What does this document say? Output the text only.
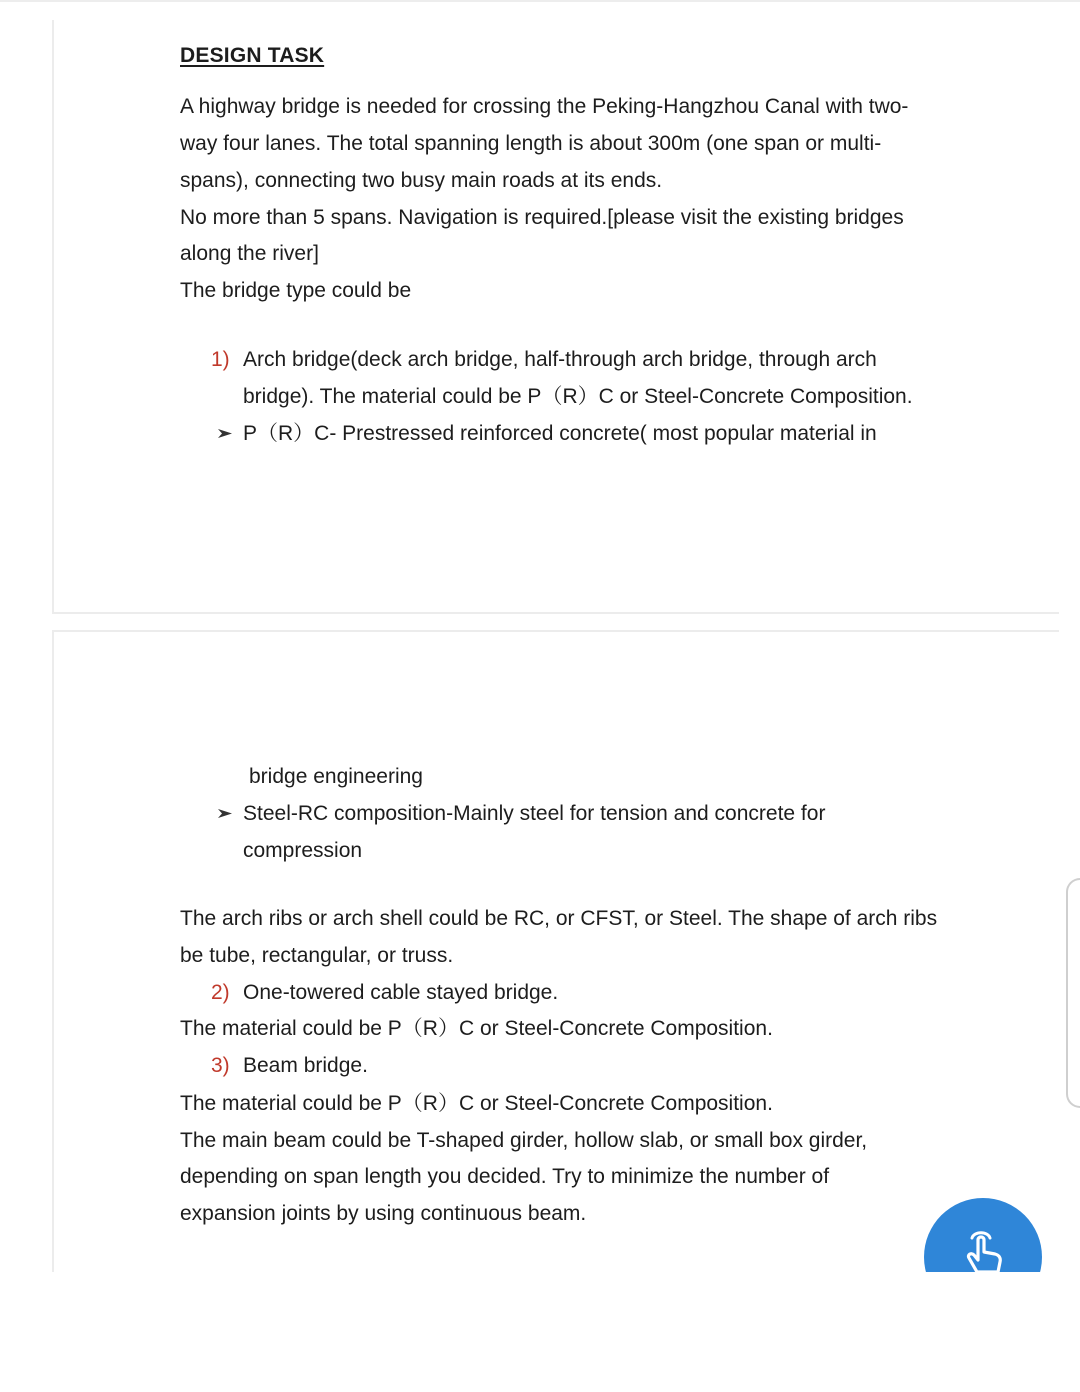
DESIGN TASK

A highway bridge is needed for crossing the Peking-Hangzhou Canal with two-

way four lanes. The total spanning length is about 300m (one span or multi-

spans), connecting two busy main roads at its ends.

No more than 5 spans. Navigation is required.[please visit the existing bridges

along the river]

The bridge type could be

1) Arch bridge(deck arch bridge, half-through arch bridge, through arch

bridge). The material could be P（R）C or Steel-Concrete Composition.

P（R）C- Prestressed reinforced concrete( most popular material in

bridge engineering

Steel-RC composition-Mainly steel for tension and concrete for

compression

The arch ribs or arch shell could be RC, or CFST, or Steel. The shape of arch ribs

be tube, rectangular, or truss.

2) One-towered cable stayed bridge.

The material could be P（R）C or Steel-Concrete Composition.

3) Beam bridge.

The material could be P（R）C or Steel-Concrete Composition.

The main beam could be T-shaped girder, hollow slab, or small box girder,

depending on span length you decided. Try to minimize the number of

expansion joints by using continuous beam.
